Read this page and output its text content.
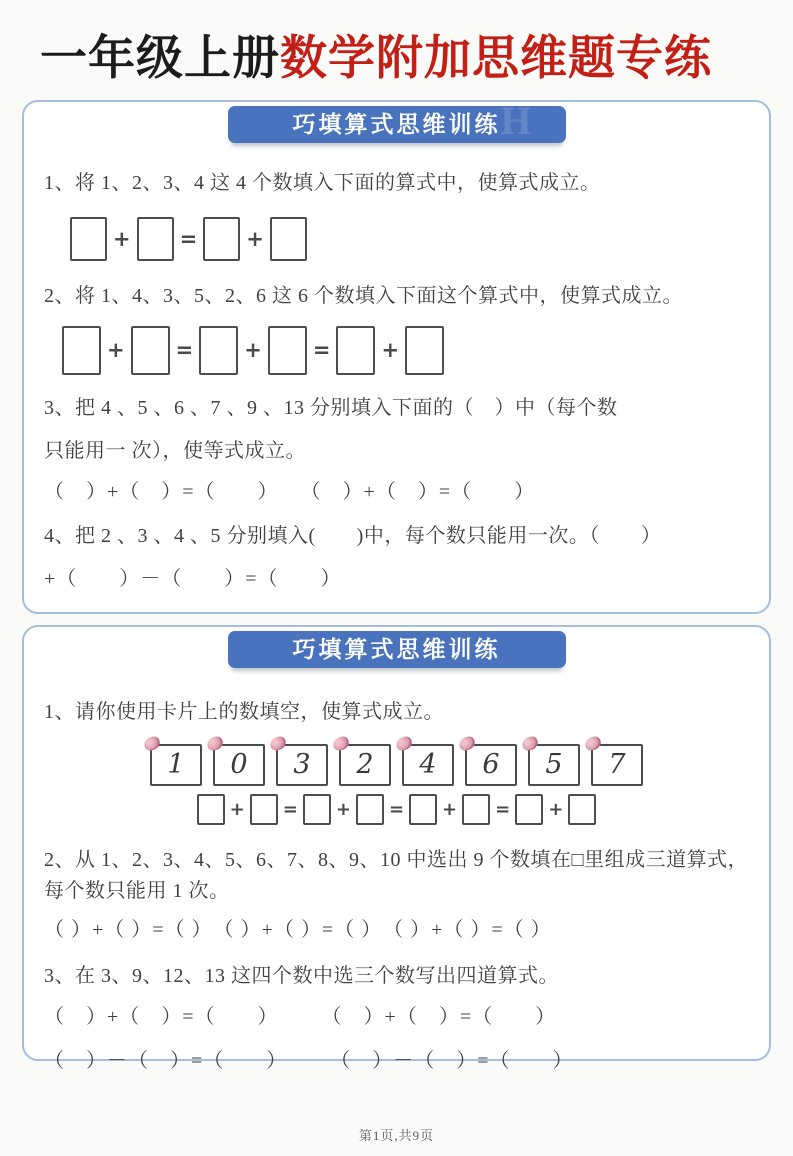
一年级上册数学附加思维题专练
巧填算式思维训练 H
1、将 1、2、3、4 这 4 个数填入下面的算式中，使算式成立。
+ = +
2、将 1、4、3、5、2、6 这 6 个数填入下面这个算式中，使算式成立。
+ = + = +
3、把 4 、5 、6 、7 、9 、13 分别填入下面的（　）中（每个数
只能用一 次），使等式成立。
（　）+（　）=（　　）　　（　）+（　）=（　　）
4、把 2 、3 、4 、5 分别填入(　　)中，每个数只能用一次。（　　）
+（　　）－（　　）=（　　）
巧填算式思维训练
1、请你使用卡片上的数填空，使算式成立。
1 0 3 2 4 6 5 7
+ = + = + = +
2、从 1、2、3、4、5、6、7、8、9、10 中选出 9 个数填在□里组成三道算式，每个数只能用 1 次。
（ ）+（ ）=（ ）　（ ）+（ ）=（ ）　（ ）+（ ）=（ ）
3、在 3、9、12、13 这四个数中选三个数写出四道算式。
（　）+（　）=（　　）　　　（　）+（　）=（　　）
（　）－（　）=（　　）　　　（　）－（　）=（　　）
第1页,共9页
